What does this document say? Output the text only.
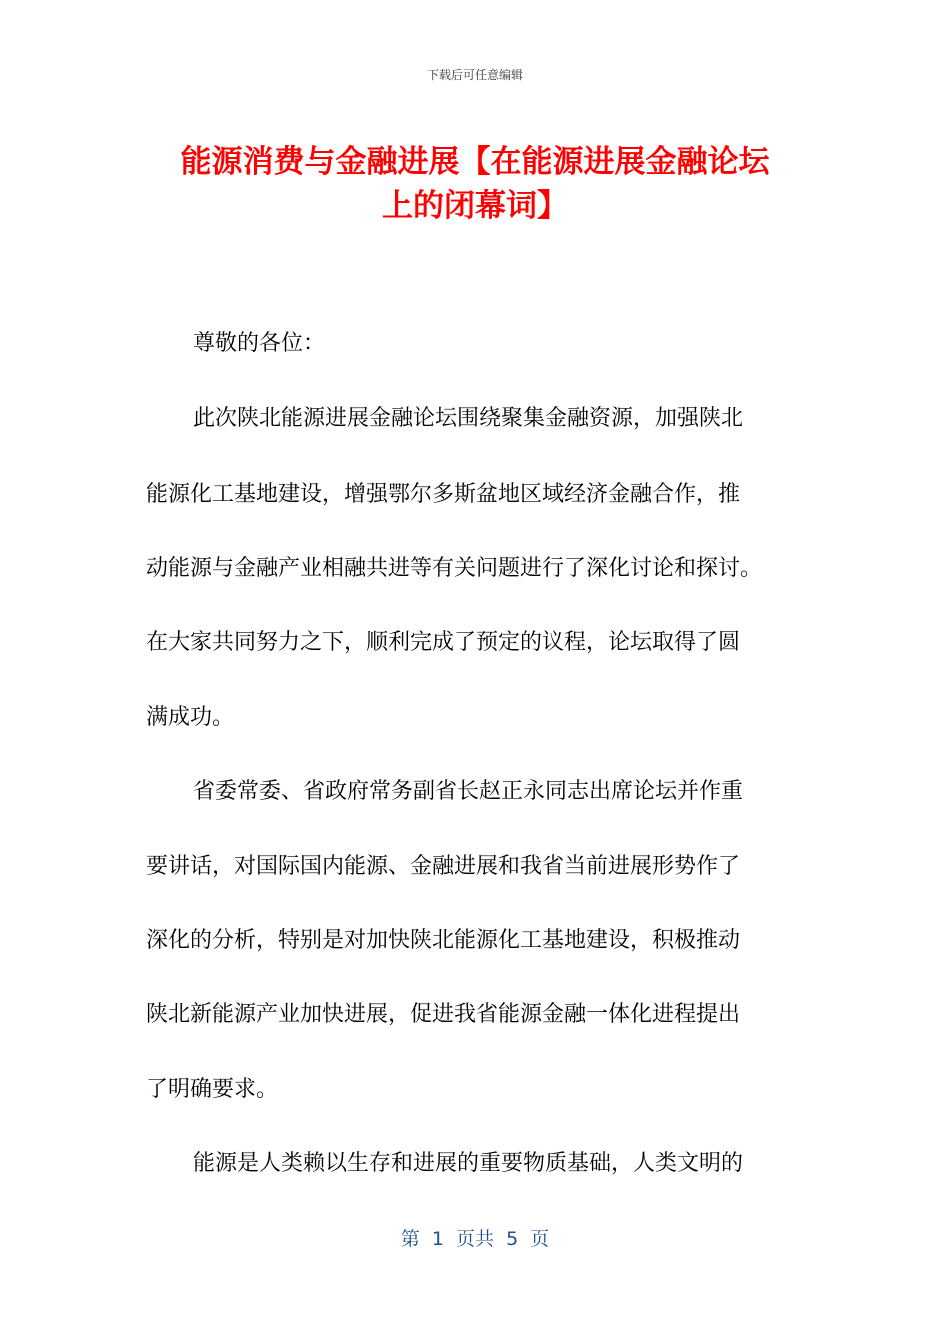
下载后可任意编辑
能源消费与金融进展【在能源进展金融论坛
上的闭幕词】
尊敬的各位：
此次陕北能源进展金融论坛围绕聚集金融资源，加强陕北
能源化工基地建设，增强鄂尔多斯盆地区域经济金融合作，推
动能源与金融产业相融共进等有关问题进行了深化讨论和探讨。
在大家共同努力之下，顺利完成了预定的议程，论坛取得了圆
满成功。
省委常委、省政府常务副省长赵正永同志出席论坛并作重
要讲话，对国际国内能源、金融进展和我省当前进展形势作了
深化的分析，特别是对加快陕北能源化工基地建设，积极推动
陕北新能源产业加快进展，促进我省能源金融一体化进程提出
了明确要求。
能源是人类赖以生存和进展的重要物质基础，人类文明的
第  1  页共  5  页
